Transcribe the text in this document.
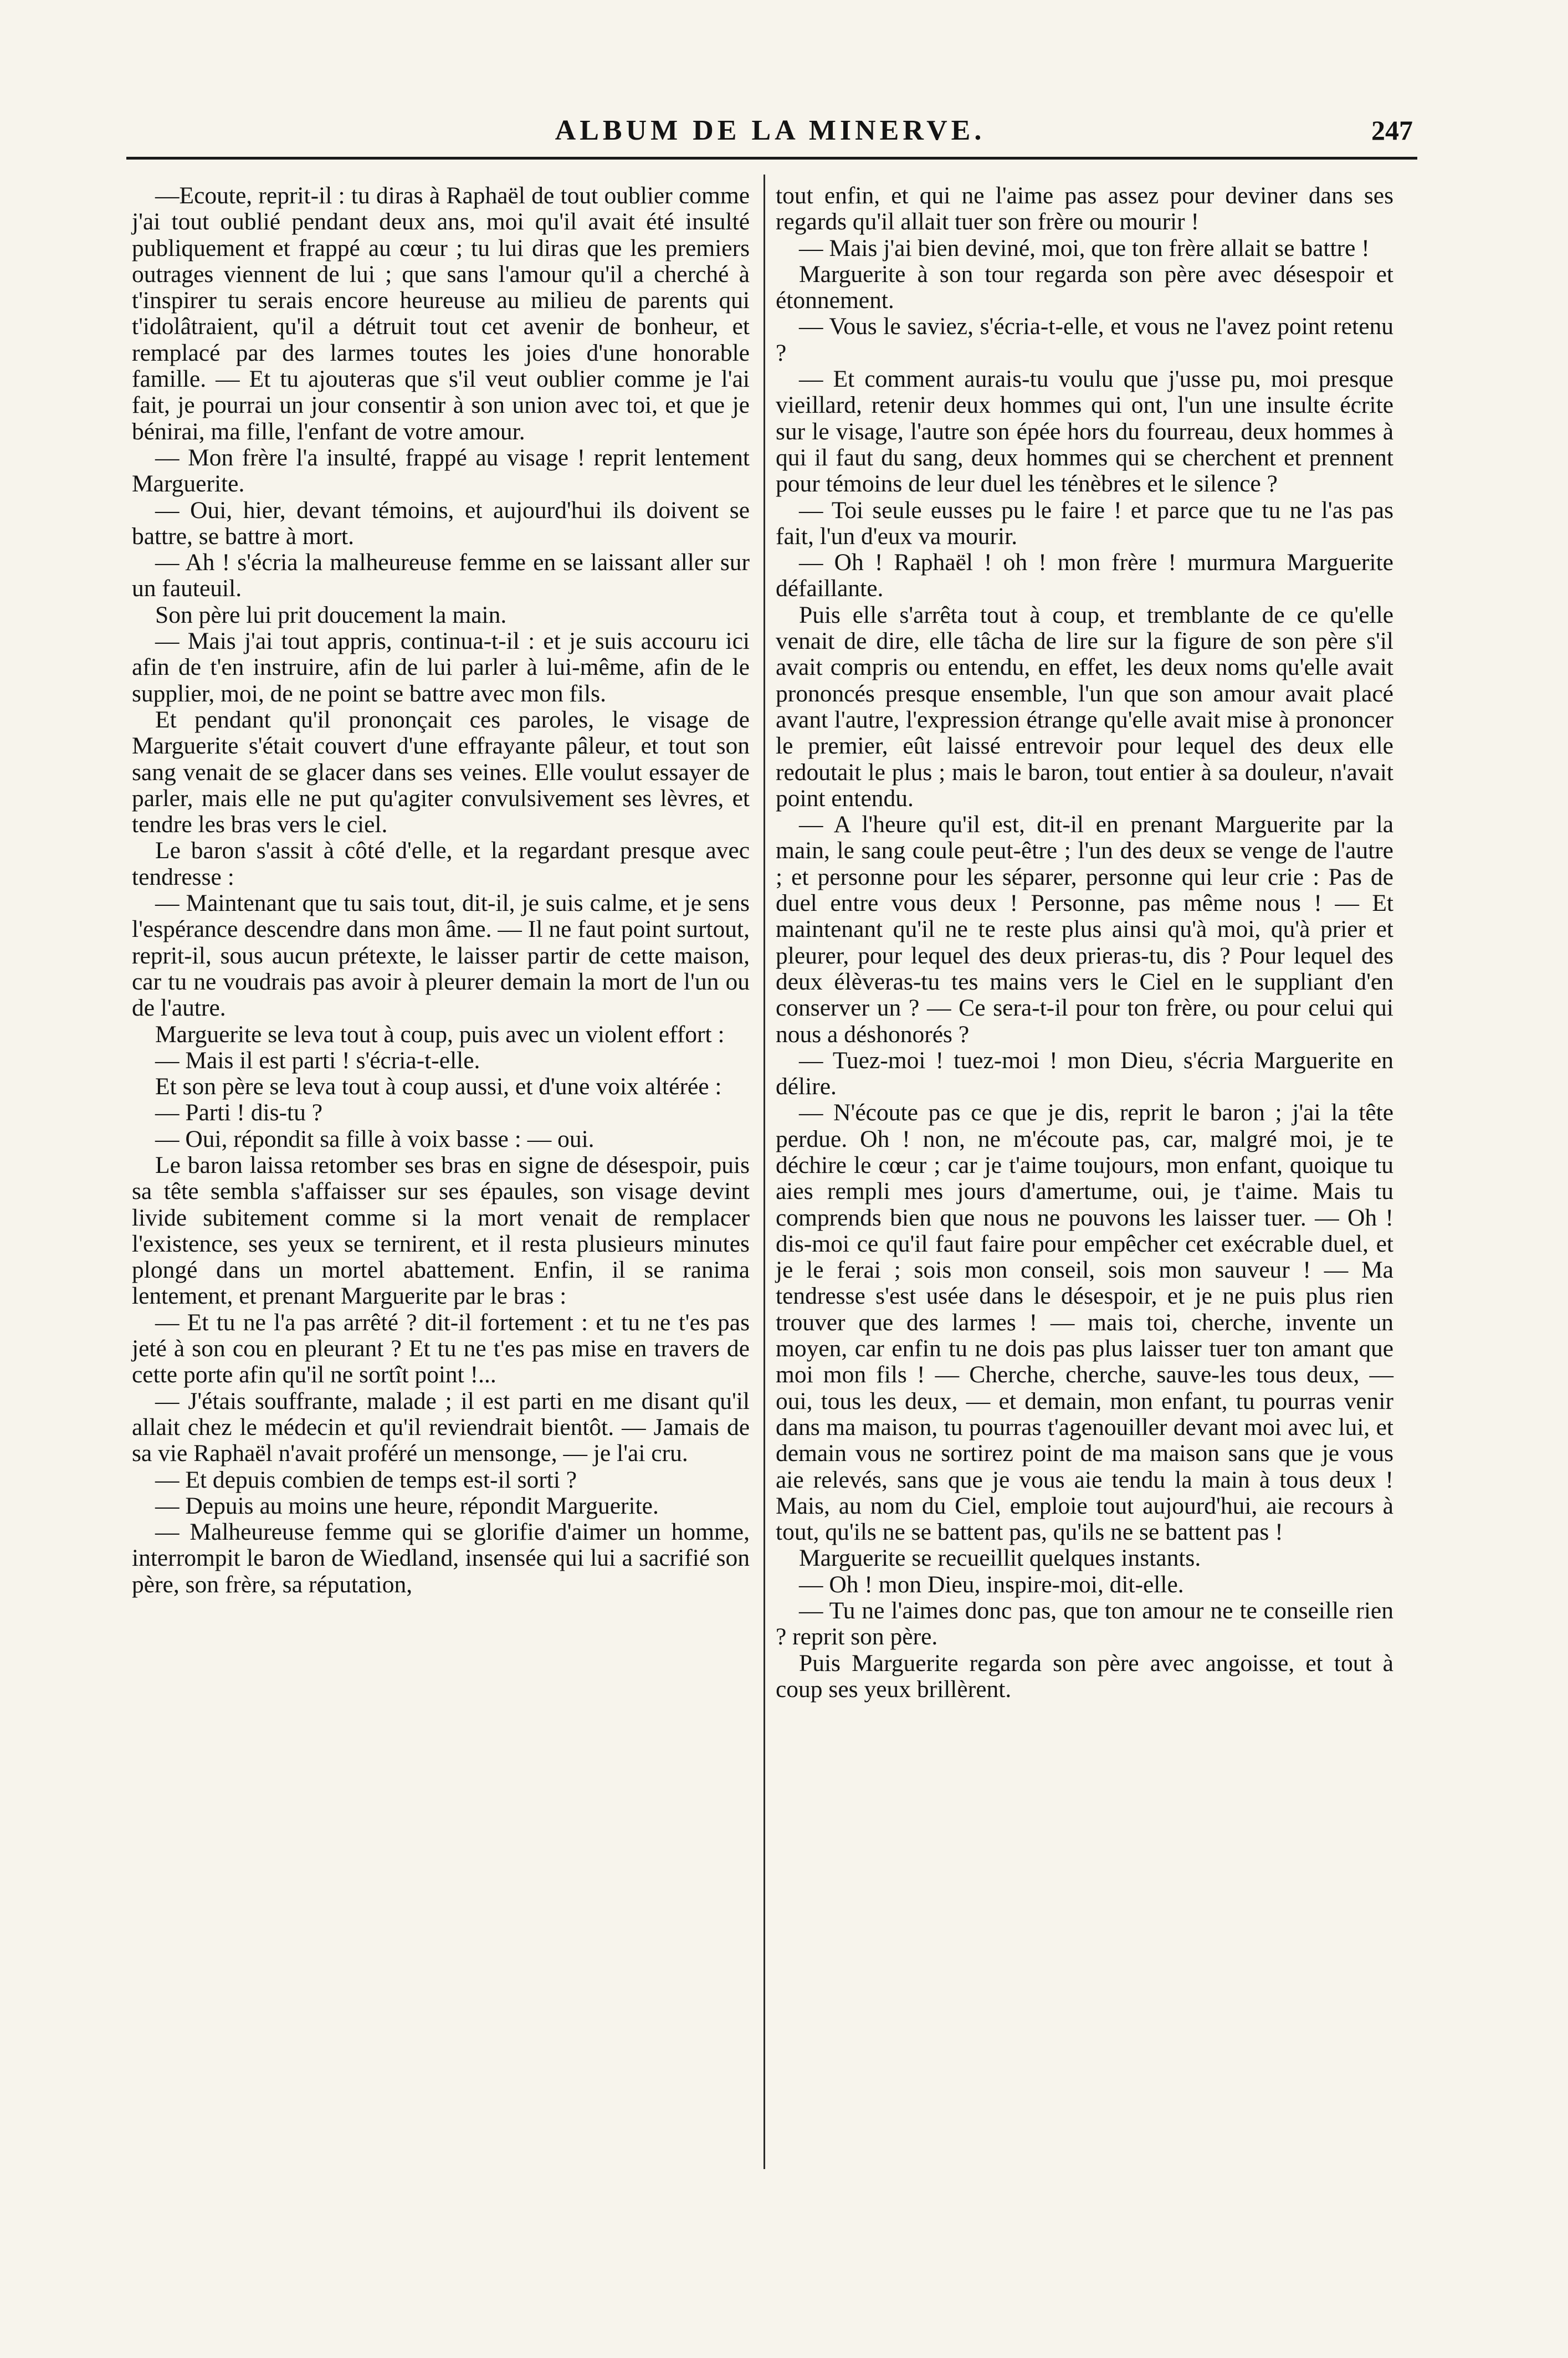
ALBUM DE LA MINERVE.	247

—Ecoute, reprit-il : tu diras à Raphaël de tout oublier comme j'ai tout oublié pendant deux ans, moi qu'il avait été insulté publiquement et frappé au cœur ; tu lui diras que les premiers outrages viennent de lui ; que sans l'amour qu'il a cherché à t'inspirer tu serais encore heureuse au milieu de parents qui t'idolâtraient, qu'il a détruit tout cet avenir de bonheur, et remplacé par des larmes toutes les joies d'une honorable famille. — Et tu ajouteras que s'il veut oublier comme je l'ai fait, je pourrai un jour consentir à son union avec toi, et que je bénirai, ma fille, l'enfant de votre amour.

— Mon frère l'a insulté, frappé au visage ! reprit lentement Marguerite.

— Oui, hier, devant témoins, et aujourd'hui ils doivent se battre, se battre à mort.

— Ah ! s'écria la malheureuse femme en se laissant aller sur un fauteuil.

Son père lui prit doucement la main.

— Mais j'ai tout appris, continua-t-il : et je suis accouru ici afin de t'en instruire, afin de lui parler à lui-même, afin de le supplier, moi, de ne point se battre avec mon fils.

Et pendant qu'il prononçait ces paroles, le visage de Marguerite s'était couvert d'une effrayante pâleur, et tout son sang venait de se glacer dans ses veines. Elle voulut essayer de parler, mais elle ne put qu'agiter convulsivement ses lèvres, et tendre les bras vers le ciel.

Le baron s'assit à côté d'elle, et la regardant presque avec tendresse :

— Maintenant que tu sais tout, dit-il, je suis calme, et je sens l'espérance descendre dans mon âme. — Il ne faut point surtout, reprit-il, sous aucun prétexte, le laisser partir de cette maison, car tu ne voudrais pas avoir à pleurer demain la mort de l'un ou de l'autre.

Marguerite se leva tout à coup, puis avec un violent effort :

— Mais il est parti ! s'écria-t-elle.

Et son père se leva tout à coup aussi, et d'une voix altérée :

— Parti ! dis-tu ?

— Oui, répondit sa fille à voix basse : — oui.

Le baron laissa retomber ses bras en signe de désespoir, puis sa tête sembla s'affaisser sur ses épaules, son visage devint livide subitement comme si la mort venait de remplacer l'existence, ses yeux se ternirent, et il resta plusieurs minutes plongé dans un mortel abattement. Enfin, il se ranima lentement, et prenant Marguerite par le bras :

— Et tu ne l'a pas arrêté ? dit-il fortement : et tu ne t'es pas jeté à son cou en pleurant ? Et tu ne t'es pas mise en travers de cette porte afin qu'il ne sortît point !...

— J'étais souffrante, malade ; il est parti en me disant qu'il allait chez le médecin et qu'il reviendrait bientôt. — Jamais de sa vie Raphaël n'avait proféré un mensonge, — je l'ai cru.

— Et depuis combien de temps est-il sorti ?

— Depuis au moins une heure, répondit Marguerite.

— Malheureuse femme qui se glorifie d'aimer un homme, interrompit le baron de Wiedland, insensée qui lui a sacrifié son père, son frère, sa réputation,

tout enfin, et qui ne l'aime pas assez pour deviner dans ses regards qu'il allait tuer son frère ou mourir !

— Mais j'ai bien deviné, moi, que ton frère allait se battre !

Marguerite à son tour regarda son père avec désespoir et étonnement.

— Vous le saviez, s'écria-t-elle, et vous ne l'avez point retenu ?

— Et comment aurais-tu voulu que j'usse pu, moi presque vieillard, retenir deux hommes qui ont, l'un une insulte écrite sur le visage, l'autre son épée hors du fourreau, deux hommes à qui il faut du sang, deux hommes qui se cherchent et prennent pour témoins de leur duel les ténèbres et le silence ?

— Toi seule eusses pu le faire ! et parce que tu ne l'as pas fait, l'un d'eux va mourir.

— Oh ! Raphaël ! oh ! mon frère ! murmura Marguerite défaillante.

Puis elle s'arrêta tout à coup, et tremblante de ce qu'elle venait de dire, elle tâcha de lire sur la figure de son père s'il avait compris ou entendu, en effet, les deux noms qu'elle avait prononcés presque ensemble, l'un que son amour avait placé avant l'autre, l'expression étrange qu'elle avait mise à prononcer le premier, eût laissé entrevoir pour lequel des deux elle redoutait le plus ; mais le baron, tout entier à sa douleur, n'avait point entendu.

— A l'heure qu'il est, dit-il en prenant Marguerite par la main, le sang coule peut-être ; l'un des deux se venge de l'autre ; et personne pour les séparer, personne qui leur crie : Pas de duel entre vous deux ! Personne, pas même nous ! — Et maintenant qu'il ne te reste plus ainsi qu'à moi, qu'à prier et pleurer, pour lequel des deux prieras-tu, dis ? Pour lequel des deux élèveras-tu tes mains vers le Ciel en le suppliant d'en conserver un ? — Ce sera-t-il pour ton frère, ou pour celui qui nous a déshonorés ?

— Tuez-moi ! tuez-moi ! mon Dieu, s'écria Marguerite en délire.

— N'écoute pas ce que je dis, reprit le baron ; j'ai la tête perdue. Oh ! non, ne m'écoute pas, car, malgré moi, je te déchire le cœur ; car je t'aime toujours, mon enfant, quoique tu aies rempli mes jours d'amertume, oui, je t'aime. Mais tu comprends bien que nous ne pouvons les laisser tuer. — Oh ! dis-moi ce qu'il faut faire pour empêcher cet exécrable duel, et je le ferai ; sois mon conseil, sois mon sauveur ! — Ma tendresse s'est usée dans le désespoir, et je ne puis plus rien trouver que des larmes ! — mais toi, cherche, invente un moyen, car enfin tu ne dois pas plus laisser tuer ton amant que moi mon fils ! — Cherche, cherche, sauve-les tous deux, — oui, tous les deux, — et demain, mon enfant, tu pourras venir dans ma maison, tu pourras t'agenouiller devant moi avec lui, et demain vous ne sortirez point de ma maison sans que je vous aie relevés, sans que je vous aie tendu la main à tous deux ! Mais, au nom du Ciel, emploie tout aujourd'hui, aie recours à tout, qu'ils ne se battent pas, qu'ils ne se battent pas !

Marguerite se recueillit quelques instants.

— Oh ! mon Dieu, inspire-moi, dit-elle.

— Tu ne l'aimes donc pas, que ton amour ne te conseille rien ? reprit son père.

Puis Marguerite regarda son père avec angoisse, et tout à coup ses yeux brillèrent.
